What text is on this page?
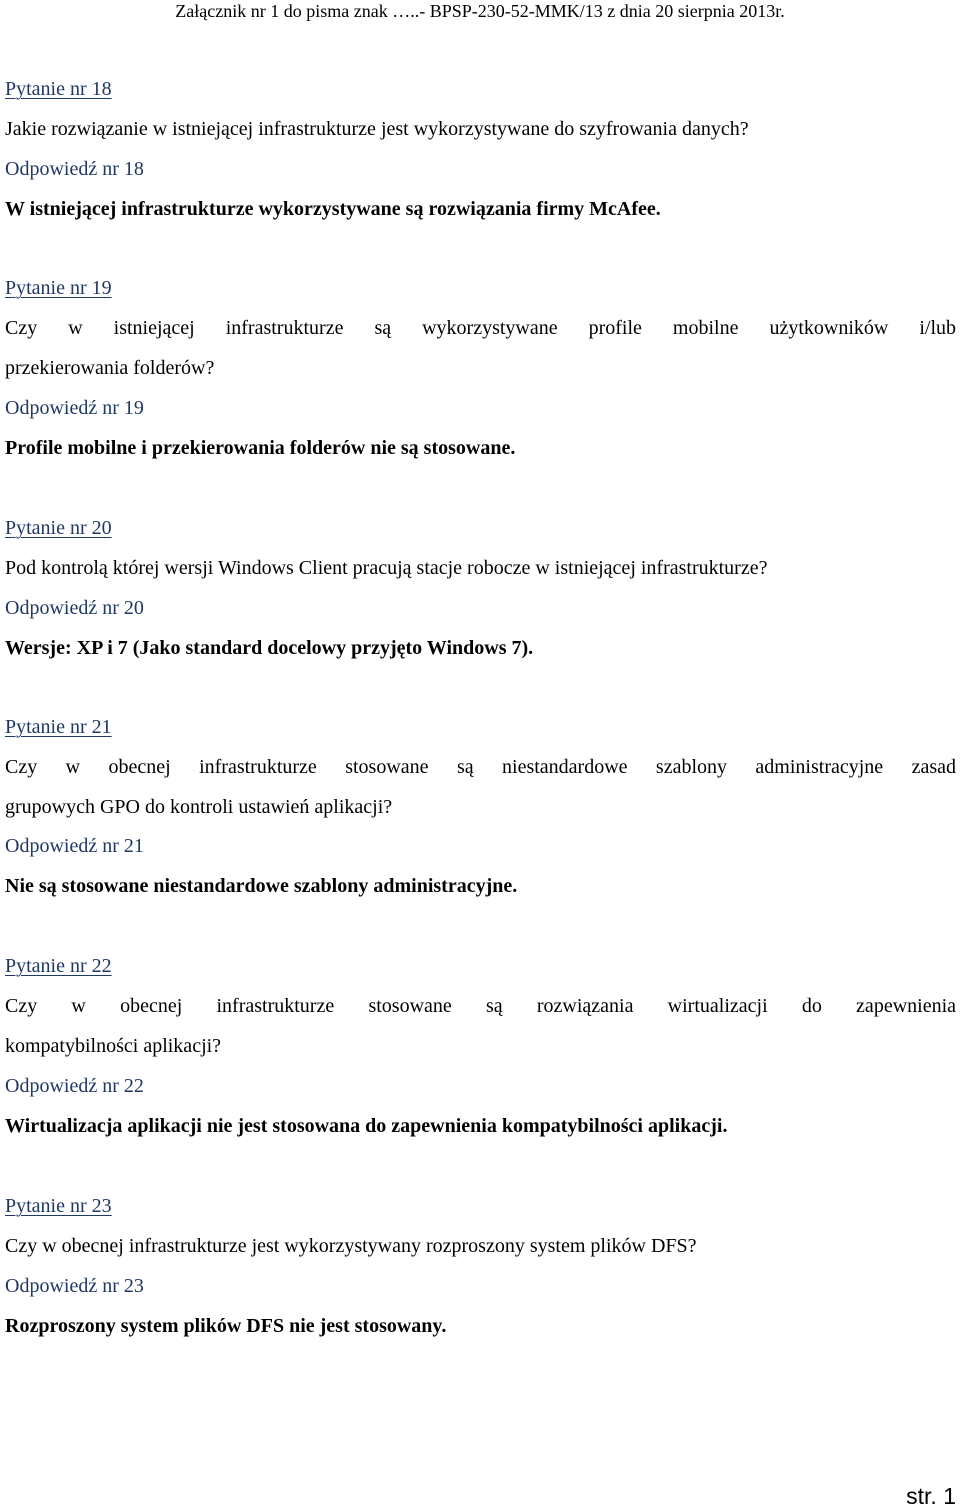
Załącznik nr 1 do pisma znak …..- BPSP-230-52-MMK/13 z dnia 20 sierpnia 2013r.
Pytanie nr 18
Jakie rozwiązanie w istniejącej infrastrukturze jest wykorzystywane do szyfrowania danych?
Odpowiedź nr 18
W istniejącej infrastrukturze wykorzystywane są rozwiązania firmy McAfee.
Pytanie nr 19
Czy w istniejącej infrastrukturze są wykorzystywane profile mobilne użytkowników i/lub
przekierowania folderów?
Odpowiedź nr 19
Profile mobilne i przekierowania folderów nie są stosowane.
Pytanie nr 20
Pod kontrolą której wersji Windows Client pracują stacje robocze w istniejącej infrastrukturze?
Odpowiedź nr 20
Wersje: XP i 7 (Jako standard docelowy przyjęto Windows 7).
Pytanie nr 21
Czy w obecnej infrastrukturze stosowane są niestandardowe szablony administracyjne zasad
grupowych GPO do kontroli ustawień aplikacji?
Odpowiedź nr 21
Nie są stosowane niestandardowe szablony administracyjne.
Pytanie nr 22
Czy w obecnej infrastrukturze stosowane są rozwiązania wirtualizacji do zapewnienia
kompatybilności aplikacji?
Odpowiedź nr 22
Wirtualizacja aplikacji nie jest stosowana do zapewnienia kompatybilności aplikacji.
Pytanie nr 23
Czy w obecnej infrastrukturze jest wykorzystywany rozproszony system plików DFS?
Odpowiedź nr 23
Rozproszony system plików DFS nie jest stosowany.
str. 1
